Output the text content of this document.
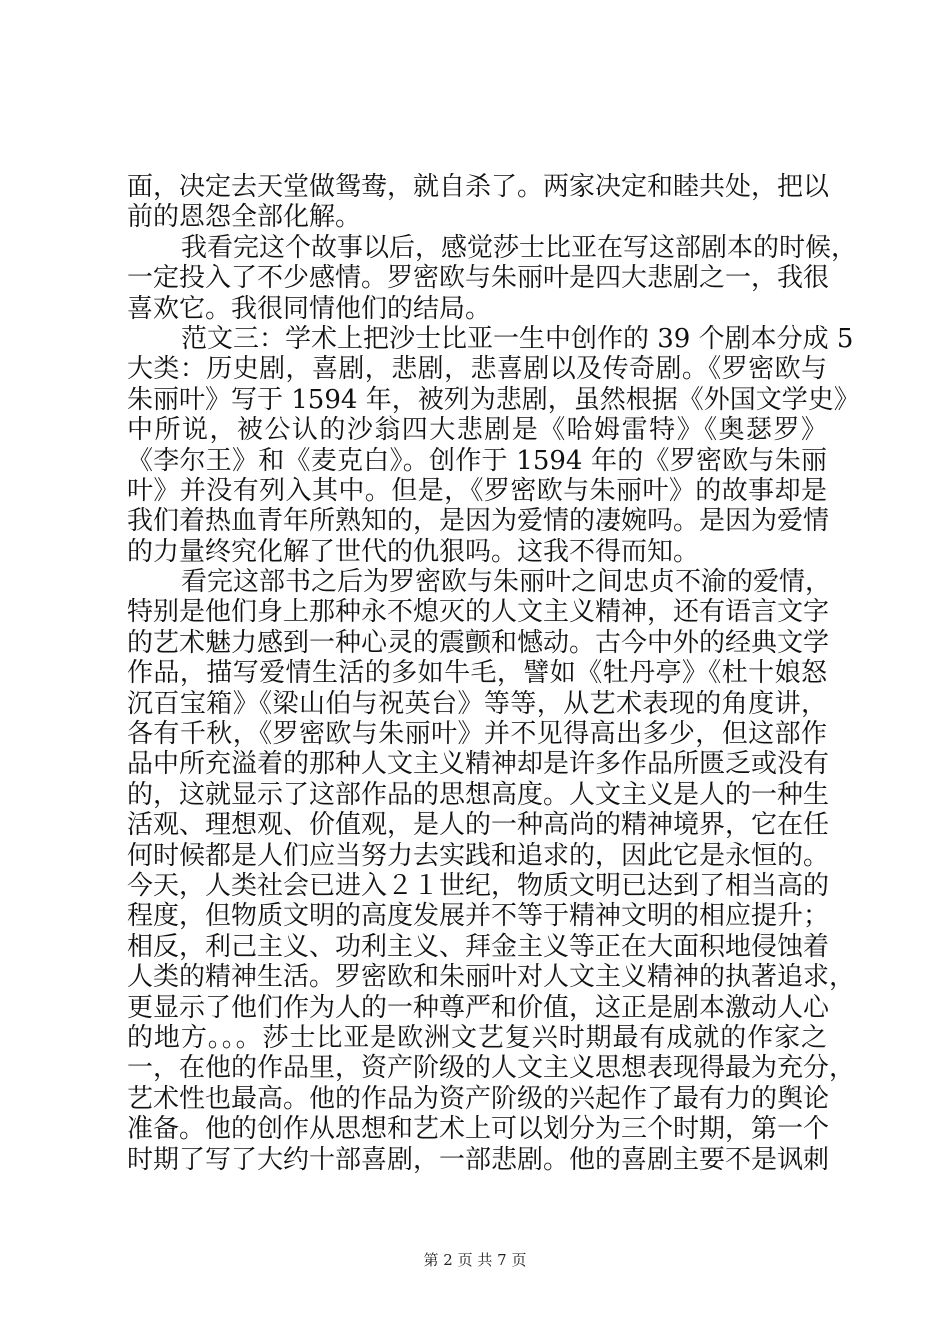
面，决定去天堂做鸳鸯，就自杀了。两家决定和睦共处，把以
前的恩怨全部化解。
我看完这个故事以后，感觉莎士比亚在写这部剧本的时候，
一定投入了不少感情。罗密欧与朱丽叶是四大悲剧之一，我很
喜欢它。我很同情他们的结局。
范文三：学术上把沙士比亚一生中创作的 39 个剧本分成 5
大类：历史剧，喜剧，悲剧，悲喜剧以及传奇剧。《罗密欧与
朱丽叶》写于 1594 年，被列为悲剧，虽然根据《外国文学史》
中所说，被公认的沙翁四大悲剧是《哈姆雷特》《奥瑟罗》
《李尔王》和《麦克白》。创作于 1594 年的《罗密欧与朱丽
叶》并没有列入其中。但是，《罗密欧与朱丽叶》的故事却是
我们着热血青年所熟知的，是因为爱情的凄婉吗。是因为爱情
的力量终究化解了世代的仇狠吗。这我不得而知。
看完这部书之后为罗密欧与朱丽叶之间忠贞不渝的爱情，
特别是他们身上那种永不熄灭的人文主义精神，还有语言文字
的艺术魅力感到一种心灵的震颤和憾动。古今中外的经典文学
作品，描写爱情生活的多如牛毛，譬如《牡丹亭》《杜十娘怒
沉百宝箱》《梁山伯与祝英台》等等，从艺术表现的角度讲，
各有千秋，《罗密欧与朱丽叶》并不见得高出多少，但这部作
品中所充溢着的那种人文主义精神却是许多作品所匮乏或没有
的，这就显示了这部作品的思想高度。人文主义是人的一种生
活观、理想观、价值观，是人的一种高尚的精神境界，它在任
何时候都是人们应当努力去实践和追求的，因此它是永恒的。
今天，人类社会已进入２１世纪，物质文明已达到了相当高的
程度，但物质文明的高度发展并不等于精神文明的相应提升；
相反，利己主义、功利主义、拜金主义等正在大面积地侵蚀着
人类的精神生活。罗密欧和朱丽叶对人文主义精神的执著追求，
更显示了他们作为人的一种尊严和价值，这正是剧本激动人心
的地方。。。莎士比亚是欧洲文艺复兴时期最有成就的作家之
一，在他的作品里，资产阶级的人文主义思想表现得最为充分，
艺术性也最高。他的作品为资产阶级的兴起作了最有力的舆论
准备。他的创作从思想和艺术上可以划分为三个时期，第一个
时期了写了大约十部喜剧，一部悲剧。他的喜剧主要不是讽刺
第 2 页 共 7 页
